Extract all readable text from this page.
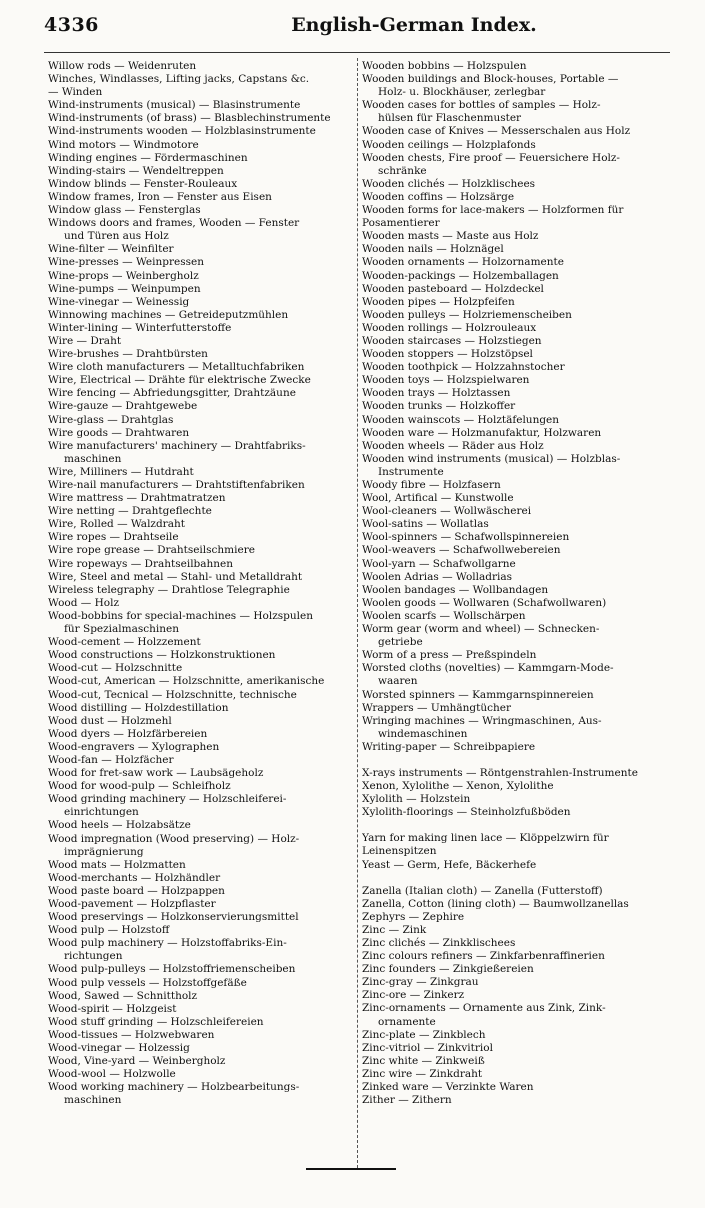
4336	English-German Index.
Willow rods — Weidenruten
Winches, Windlasses, Lifting jacks, Capstans &c.
— Winden
Wind-instruments (musical) — Blasinstrumente
Wind-instruments (of brass) — Blasblechinstrumente
Wind-instruments wooden — Holzblasinstrumente
Wind motors — Windmotore
Winding engines — Fördermaschinen
Winding-stairs — Wendeltreppen
Window blinds — Fenster-Rouleaux
Window frames, Iron — Fenster aus Eisen
Window glass — Fensterglas
Windows doors and frames, Wooden — Fenster
und Türen aus Holz
Wine-filter — Weinfilter
Wine-presses — Weinpressen
Wine-props — Weinbergholz
Wine-pumps — Weinpumpen
Wine-vinegar — Weinessig
Winnowing machines — Getreideputzmühlen
Winter-lining — Winterfutterstoffe
Wire — Draht
Wire-brushes — Drahtbürsten
Wire cloth manufacturers — Metalltuchfabriken
Wire, Electrical — Drähte für elektrische Zwecke
Wire fencing — Abfriedungsgitter, Drahtzäune
Wire-gauze — Drahtgewebe
Wire-glass — Drahtglas
Wire goods — Drahtwaren
Wire manufacturers' machinery — Drahtfabriks-
maschinen
Wire, Milliners — Hutdraht
Wire-nail manufacturers — Drahtstiftenfabriken
Wire mattress — Drahtmatratzen
Wire netting — Drahtgeflechte
Wire, Rolled — Walzdraht
Wire ropes — Drahtseile
Wire rope grease — Drahtseilschmiere
Wire ropeways — Drahtseilbahnen
Wire, Steel and metal — Stahl- und Metalldraht
Wireless telegraphy — Drahtlose Telegraphie
Wood — Holz
Wood-bobbins for special-machines — Holzspulen
für Spezialmaschinen
Wood-cement — Holzzement
Wood constructions — Holzkonstruktionen
Wood-cut — Holzschnitte
Wood-cut, American — Holzschnitte, amerikanische
Wood-cut, Tecnical — Holzschnitte, technische
Wood distilling — Holzdestillation
Wood dust — Holzmehl
Wood dyers — Holzfärbereien
Wood-engravers — Xylographen
Wood-fan — Holzfächer
Wood for fret-saw work — Laubsägeholz
Wood for wood-pulp — Schleifholz
Wood grinding machinery — Holzschleiferei-
einrichtungen
Wood heels — Holzabsätze
Wood impregnation (Wood preserving) — Holz-
imprägnierung
Wood mats — Holzmatten
Wood-merchants — Holzhändler
Wood paste board — Holzpappen
Wood-pavement — Holzpflaster
Wood preservings — Holzkonservierungsmittel
Wood pulp — Holzstoff
Wood pulp machinery — Holzstoffabriks-Ein-
richtungen
Wood pulp-pulleys — Holzstoffriemenscheiben
Wood pulp vessels — Holzstoffgefäße
Wood, Sawed — Schnittholz
Wood-spirit — Holzgeist
Wood stuff grinding — Holzschleifereien
Wood-tissues — Holzwebwaren
Wood-vinegar — Holzessig
Wood, Vine-yard — Weinbergholz
Wood-wool — Holzwolle
Wood working machinery — Holzbearbeitungs-
maschinen
Wooden bobbins — Holzspulen
Wooden buildings and Block-houses, Portable —
Holz- u. Blockhäuser, zerlegbar
Wooden cases for bottles of samples — Holz-
hülsen für Flaschenmuster
Wooden case of Knives — Messerschalen aus Holz
Wooden ceilings — Holzplafonds
Wooden chests, Fire proof — Feuersichere Holz-
schränke
Wooden clichés — Holzklischees
Wooden coffins — Holzsärge
Wooden forms for lace-makers — Holzformen für
Posamentierer
Wooden masts — Maste aus Holz
Wooden nails — Holznägel
Wooden ornaments — Holzornamente
Wooden-packings — Holzemballagen
Wooden pasteboard — Holzdeckel
Wooden pipes — Holzpfeifen
Wooden pulleys — Holzriemenscheiben
Wooden rollings — Holzrouleaux
Wooden staircases — Holzstiegen
Wooden stoppers — Holzstöpsel
Wooden toothpick — Holzzahnstocher
Wooden toys — Holzspielwaren
Wooden trays — Holztassen
Wooden trunks — Holzkoffer
Wooden wainscots — Holztäfelungen
Wooden ware — Holzmanufaktur, Holzwaren
Wooden wheels — Räder aus Holz
Wooden wind instruments (musical) — Holzblas-
Instrumente
Woody fibre — Holzfasern
Wool, Artifical — Kunstwolle
Wool-cleaners — Wollwäscherei
Wool-satins — Wollatlas
Wool-spinners — Schafwollspinnereien
Wool-weavers — Schafwollwebereien
Wool-yarn — Schafwollgarne
Woolen Adrias — Wolladrias
Woolen bandages — Wollbandagen
Woolen goods — Wollwaren (Schafwollwaren)
Woolen scarfs — Wollschärpen
Worm gear (worm and wheel) — Schnecken-
getriebe
Worm of a press — Preßspindeln
Worsted cloths (novelties) — Kammgarn-Mode-
waaren
Worsted spinners — Kammgarnspinnereien
Wrappers — Umhängtücher
Wringing machines — Wringmaschinen, Aus-
windemaschinen
Writing-paper — Schreibpapiere
X-rays instruments — Röntgenstrahlen-Instrumente
Xenon, Xylolithe — Xenon, Xylolithe
Xylolith — Holzstein
Xylolith-floorings — Steinholzfußböden
Yarn for making linen lace — Klöppelzwirn für
Leinenspitzen
Yeast — Germ, Hefe, Bäckerhefe
Zanella (Italian cloth) — Zanella (Futterstoff)
Zanella, Cotton (lining cloth) — Baumwollzanellas
Zephyrs — Zephire
Zinc — Zink
Zinc clichés — Zinkklischees
Zinc colours refiners — Zinkfarbenraffinerien
Zinc founders — Zinkgießereien
Zinc-gray — Zinkgrau
Zinc-ore — Zinkerz
Zinc-ornaments — Ornamente aus Zink, Zink-
ornamente
Zinc-plate — Zinkblech
Zinc-vitriol — Zinkvitriol
Zinc white — Zinkweiß
Zinc wire — Zinkdraht
Zinked ware — Verzinkte Waren
Zither — Zithern
